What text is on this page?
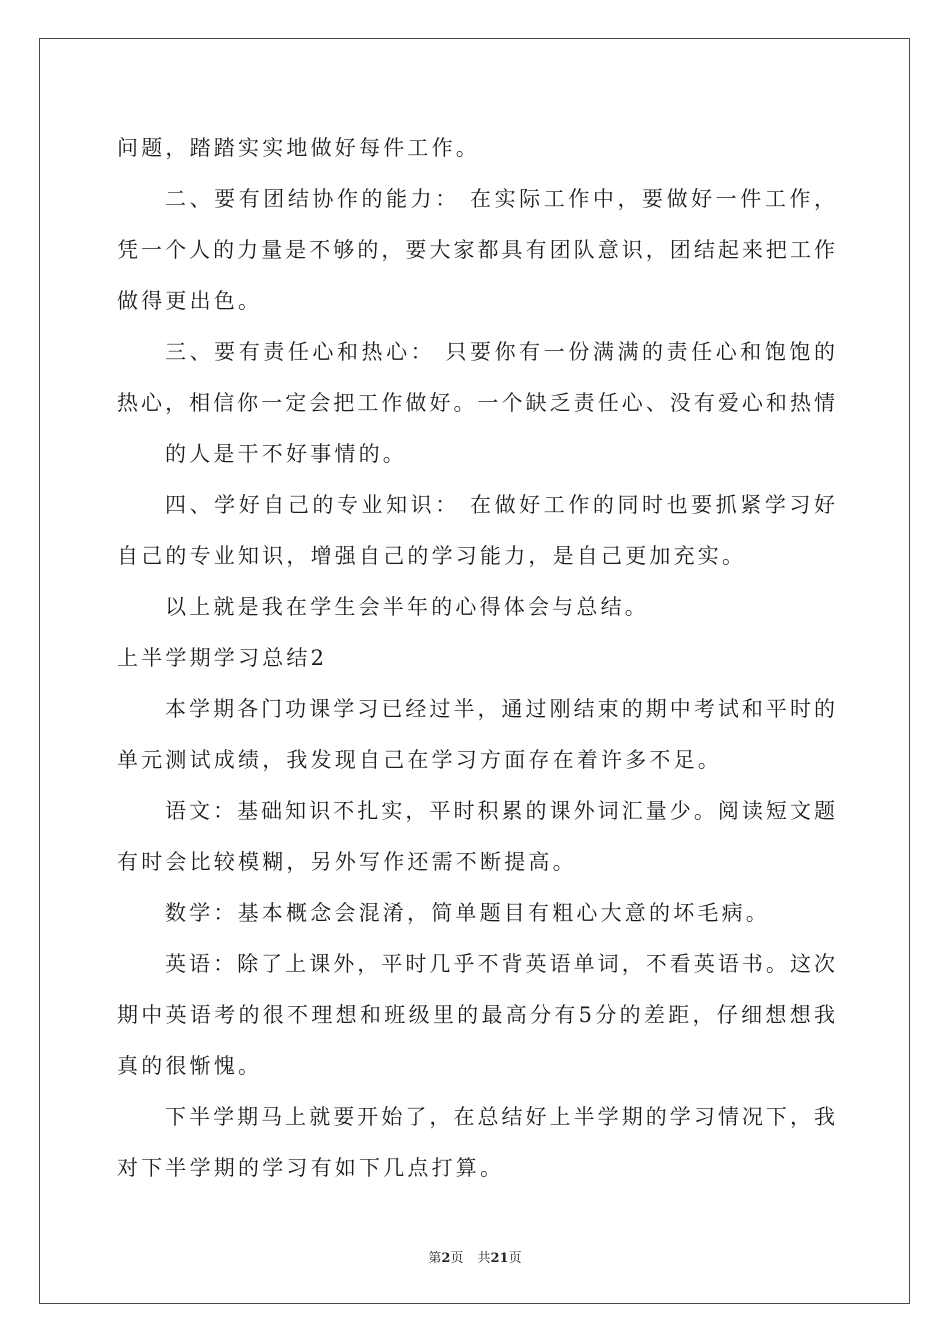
问题，踏踏实实地做好每件工作。
二、要有团结协作的能力： 在实际工作中，要做好一件工作，
凭一个人的力量是不够的，要大家都具有团队意识，团结起来把工作
做得更出色。
三、要有责任心和热心： 只要你有一份满满的责任心和饱饱的
热心，相信你一定会把工作做好。一个缺乏责任心、没有爱心和热情
的人是干不好事情的。
四、学好自己的专业知识： 在做好工作的同时也要抓紧学习好
自己的专业知识，增强自己的学习能力，是自己更加充实。
以上就是我在学生会半年的心得体会与总结。
上半学期学习总结2
本学期各门功课学习已经过半，通过刚结束的期中考试和平时的
单元测试成绩，我发现自己在学习方面存在着许多不足。
语文：基础知识不扎实，平时积累的课外词汇量少。阅读短文题
有时会比较模糊，另外写作还需不断提高。
数学：基本概念会混淆，简单题目有粗心大意的坏毛病。
英语：除了上课外，平时几乎不背英语单词，不看英语书。这次
期中英语考的很不理想和班级里的最高分有5分的差距，仔细想想我
真的很惭愧。
下半学期马上就要开始了，在总结好上半学期的学习情况下，我
对下半学期的学习有如下几点打算。
第2页 共21页
